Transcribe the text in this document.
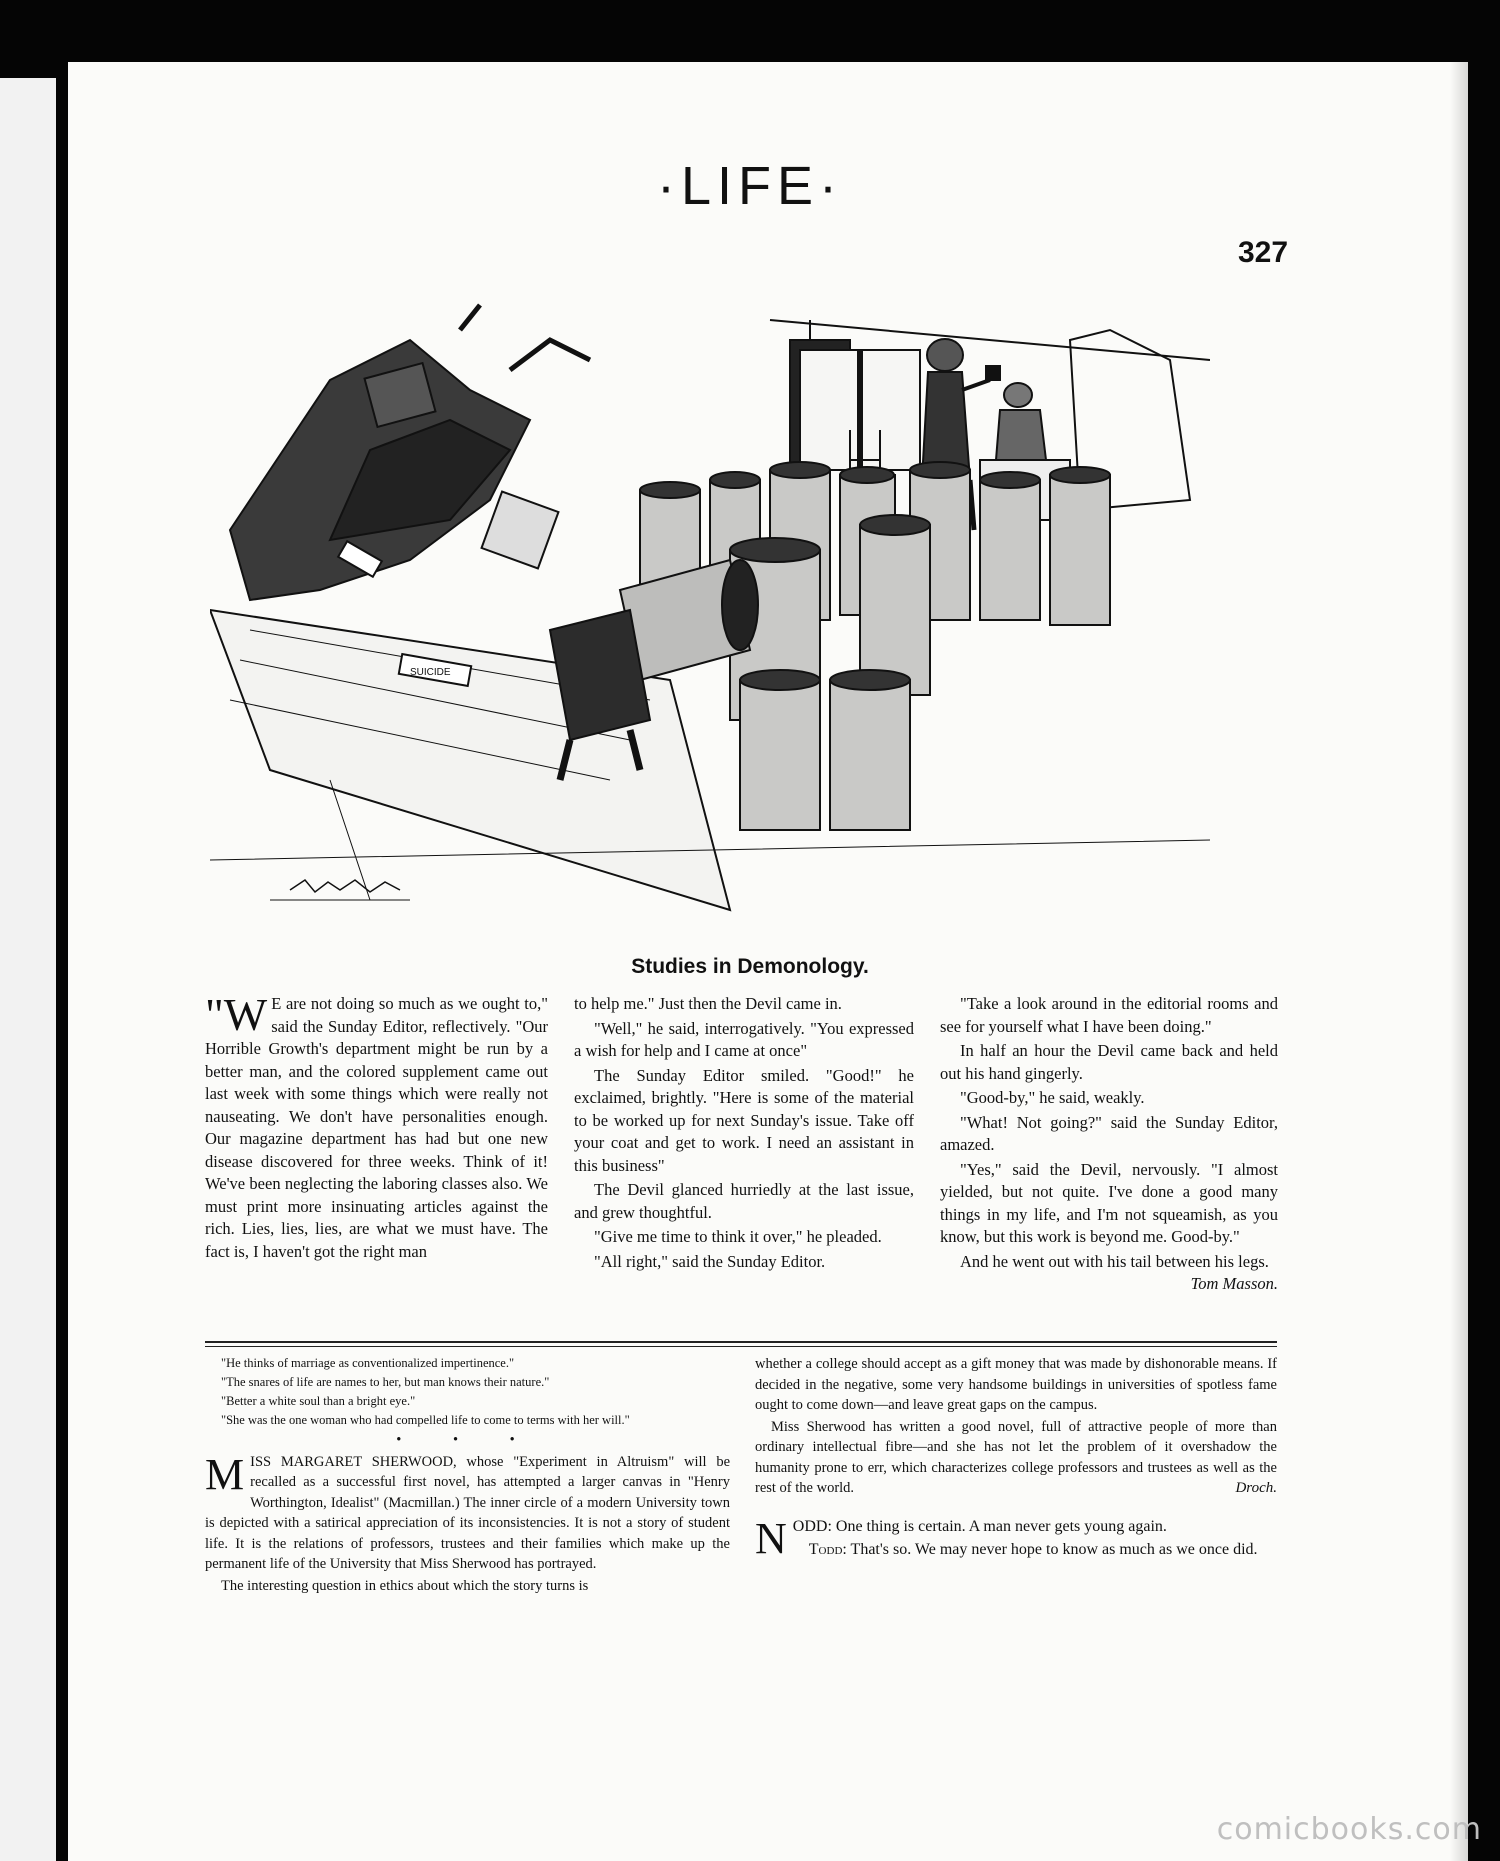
·LIFE·
327
SUICIDE
Studies in Demonology.

"W E are not doing so much as we ought to," said the Sunday Editor, reflectively. "Our Horrible Growth's department might be run by a better man, and the colored supplement came out last week with some things which were really not nauseating. We don't have personalities enough. Our magazine department has had but one new disease discovered for three weeks. Think of it! We've been neglecting the laboring classes also. We must print more insinuating articles against the rich. Lies, lies, lies, are what we must have. The fact is, I haven't got the right man

to help me." Just then the Devil came in.

"Well," he said, interrogatively. "You expressed a wish for help and I came at once"

The Sunday Editor smiled. "Good!" he exclaimed, brightly. "Here is some of the material to be worked up for next Sunday's issue. Take off your coat and get to work. I need an assistant in this business"

The Devil glanced hurriedly at the last issue, and grew thoughtful.

"Give me time to think it over," he pleaded.

"All right," said the Sunday Editor.

"Take a look around in the editorial rooms and see for yourself what I have been doing."

In half an hour the Devil came back and held out his hand gingerly.

"Good-by," he said, weakly.

"What! Not going?" said the Sunday Editor, amazed.

"Yes," said the Devil, nervously. "I almost yielded, but not quite. I've done a good many things in my life, and I'm not squeamish, as you know, but this work is beyond me. Good-by."

And he went out with his tail between his legs.
Tom Masson.

"He thinks of marriage as conventionalized impertinence."

"The snares of life are names to her, but man knows their nature."

"Better a white soul than a bright eye."

"She was the one woman who had compelled life to come to terms with her will."

• • •

MISS MARGARET SHERWOOD, whose "Experiment in Altruism" will be recalled as a successful first novel, has attempted a larger canvas in "Henry Worthington, Idealist" (Macmillan.) The inner circle of a modern University town is depicted with a satirical appreciation of its inconsistencies. It is not a story of student life. It is the relations of professors, trustees and their families which make up the permanent life of the University that Miss Sherwood has portrayed.

The interesting question in ethics about which the story turns is

whether a college should accept as a gift money that was made by dishonorable means. If decided in the negative, some very handsome buildings in universities of spotless fame ought to come down—and leave great gaps on the campus.

Miss Sherwood has written a good novel, full of attractive people of more than ordinary intellectual fibre—and she has not let the problem of it overshadow the humanity prone to err, which characterizes college professors and trustees as well as the rest of the world.	Droch.

NODD: One thing is certain. A man never gets young again.

Todd: That's so. We may never hope to know as much as we once did.

comicbooks.com
